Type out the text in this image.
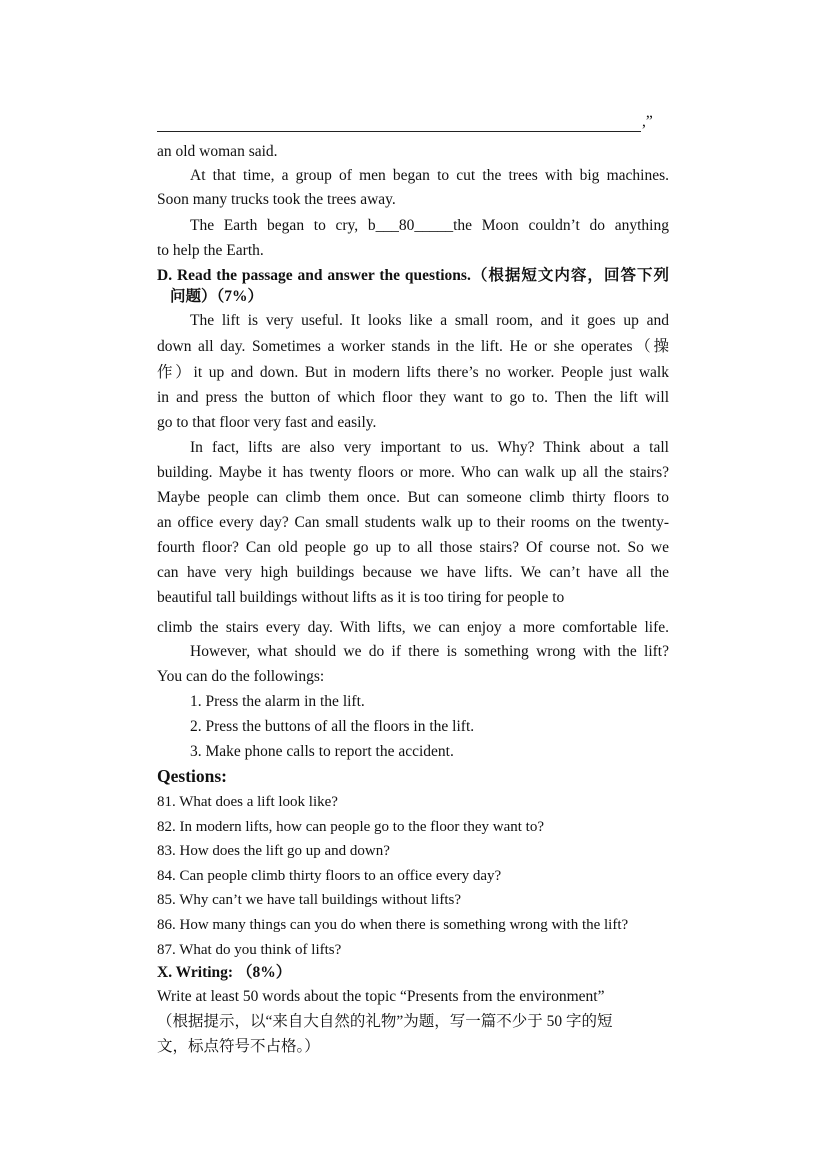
,”
an old woman said.
At that time, a group of men began to cut the trees with big machines.
Soon many trucks took the trees away.
The Earth began to cry, b___80_____the Moon couldn’t do anything
to help the Earth.
D. Read the passage and answer the questions.（根据短文内容，回答下列
问题）（7%）
The lift is very useful. It looks like a small room, and it goes up and
down all day. Sometimes a worker stands in the lift. He or she operates（操
作）it up and down. But in modern lifts there’s no worker. People just walk
in and press the button of which floor they want to go to. Then the lift will
go to that floor very fast and easily.
In fact, lifts are also very important to us. Why? Think about a tall
building. Maybe it has twenty floors or more. Who can walk up all the stairs?
Maybe people can climb them once. But can someone climb thirty floors to
an office every day? Can small students walk up to their rooms on the twenty-
fourth floor? Can old people go up to all those stairs? Of course not. So we
can have very high buildings because we have lifts. We can’t have all the
beautiful tall buildings without lifts as it is too tiring for people to
climb the stairs every day. With lifts, we can enjoy a more comfortable life.
However, what should we do if there is something wrong with the lift?
You can do the followings:
1. Press the alarm in the lift.
2. Press the buttons of all the floors in the lift.
3. Make phone calls to report the accident.
Qestions:
81. What does a lift look like?
82. In modern lifts, how can people go to the floor they want to?
83. How does the lift go up and down?
84. Can people climb thirty floors to an office every day?
85. Why can’t we have tall buildings without lifts?
86. How many things can you do when there is something wrong with the lift?
87. What do you think of lifts?
X. Writing: （8%）
Write at least 50 words about the topic “Presents from the environment”
（根据提示，以“来自大自然的礼物”为题，写一篇不少于 50 字的短
文，标点符号不占格。）
